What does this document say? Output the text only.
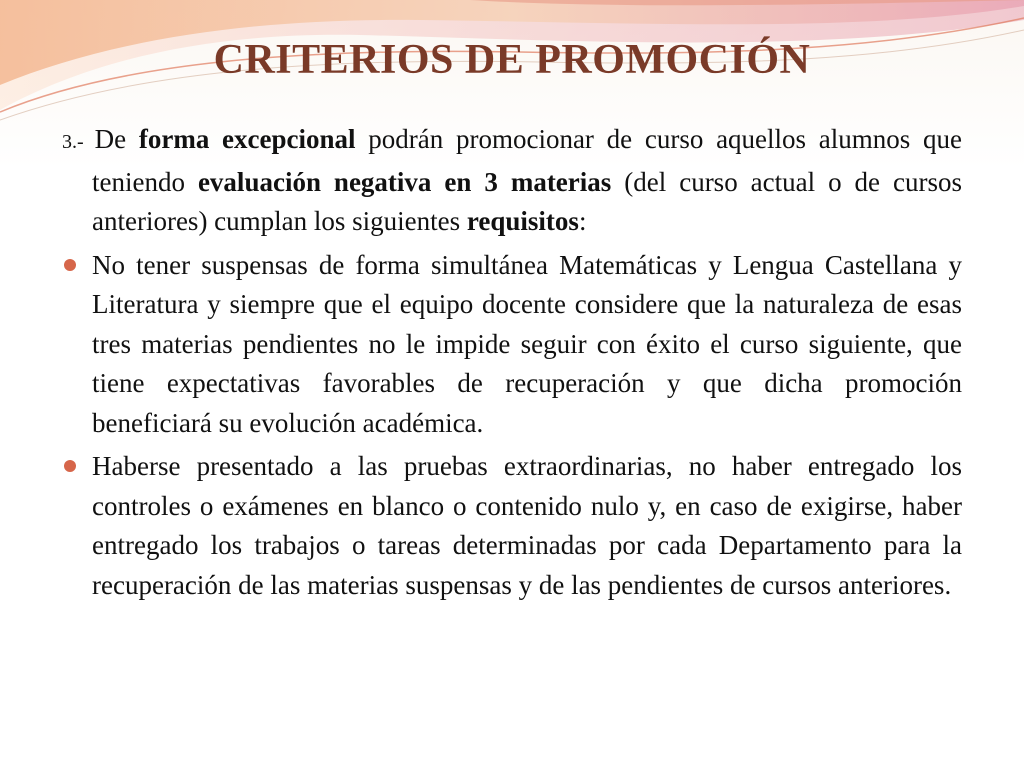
CRITERIOS DE PROMOCIÓN

3.- De forma excepcional podrán promocionar de curso aquellos alumnos que teniendo evaluación negativa en 3 materias (del curso actual o de cursos anteriores) cumplan los siguientes requisitos:

No tener suspensas de forma simultánea Matemáticas y Lengua Castellana y Literatura y siempre que el equipo docente considere que la naturaleza de esas tres materias pendientes no le impide seguir con éxito el curso siguiente, que tiene expectativas favorables de recuperación y que dicha promoción beneficiará su evolución académica.
Haberse presentado a las pruebas extraordinarias, no haber entregado los controles o exámenes en blanco o contenido nulo y, en caso de exigirse, haber entregado los trabajos o tareas determinadas por cada Departamento para la recuperación de las materias suspensas y de las pendientes de cursos anteriores.
